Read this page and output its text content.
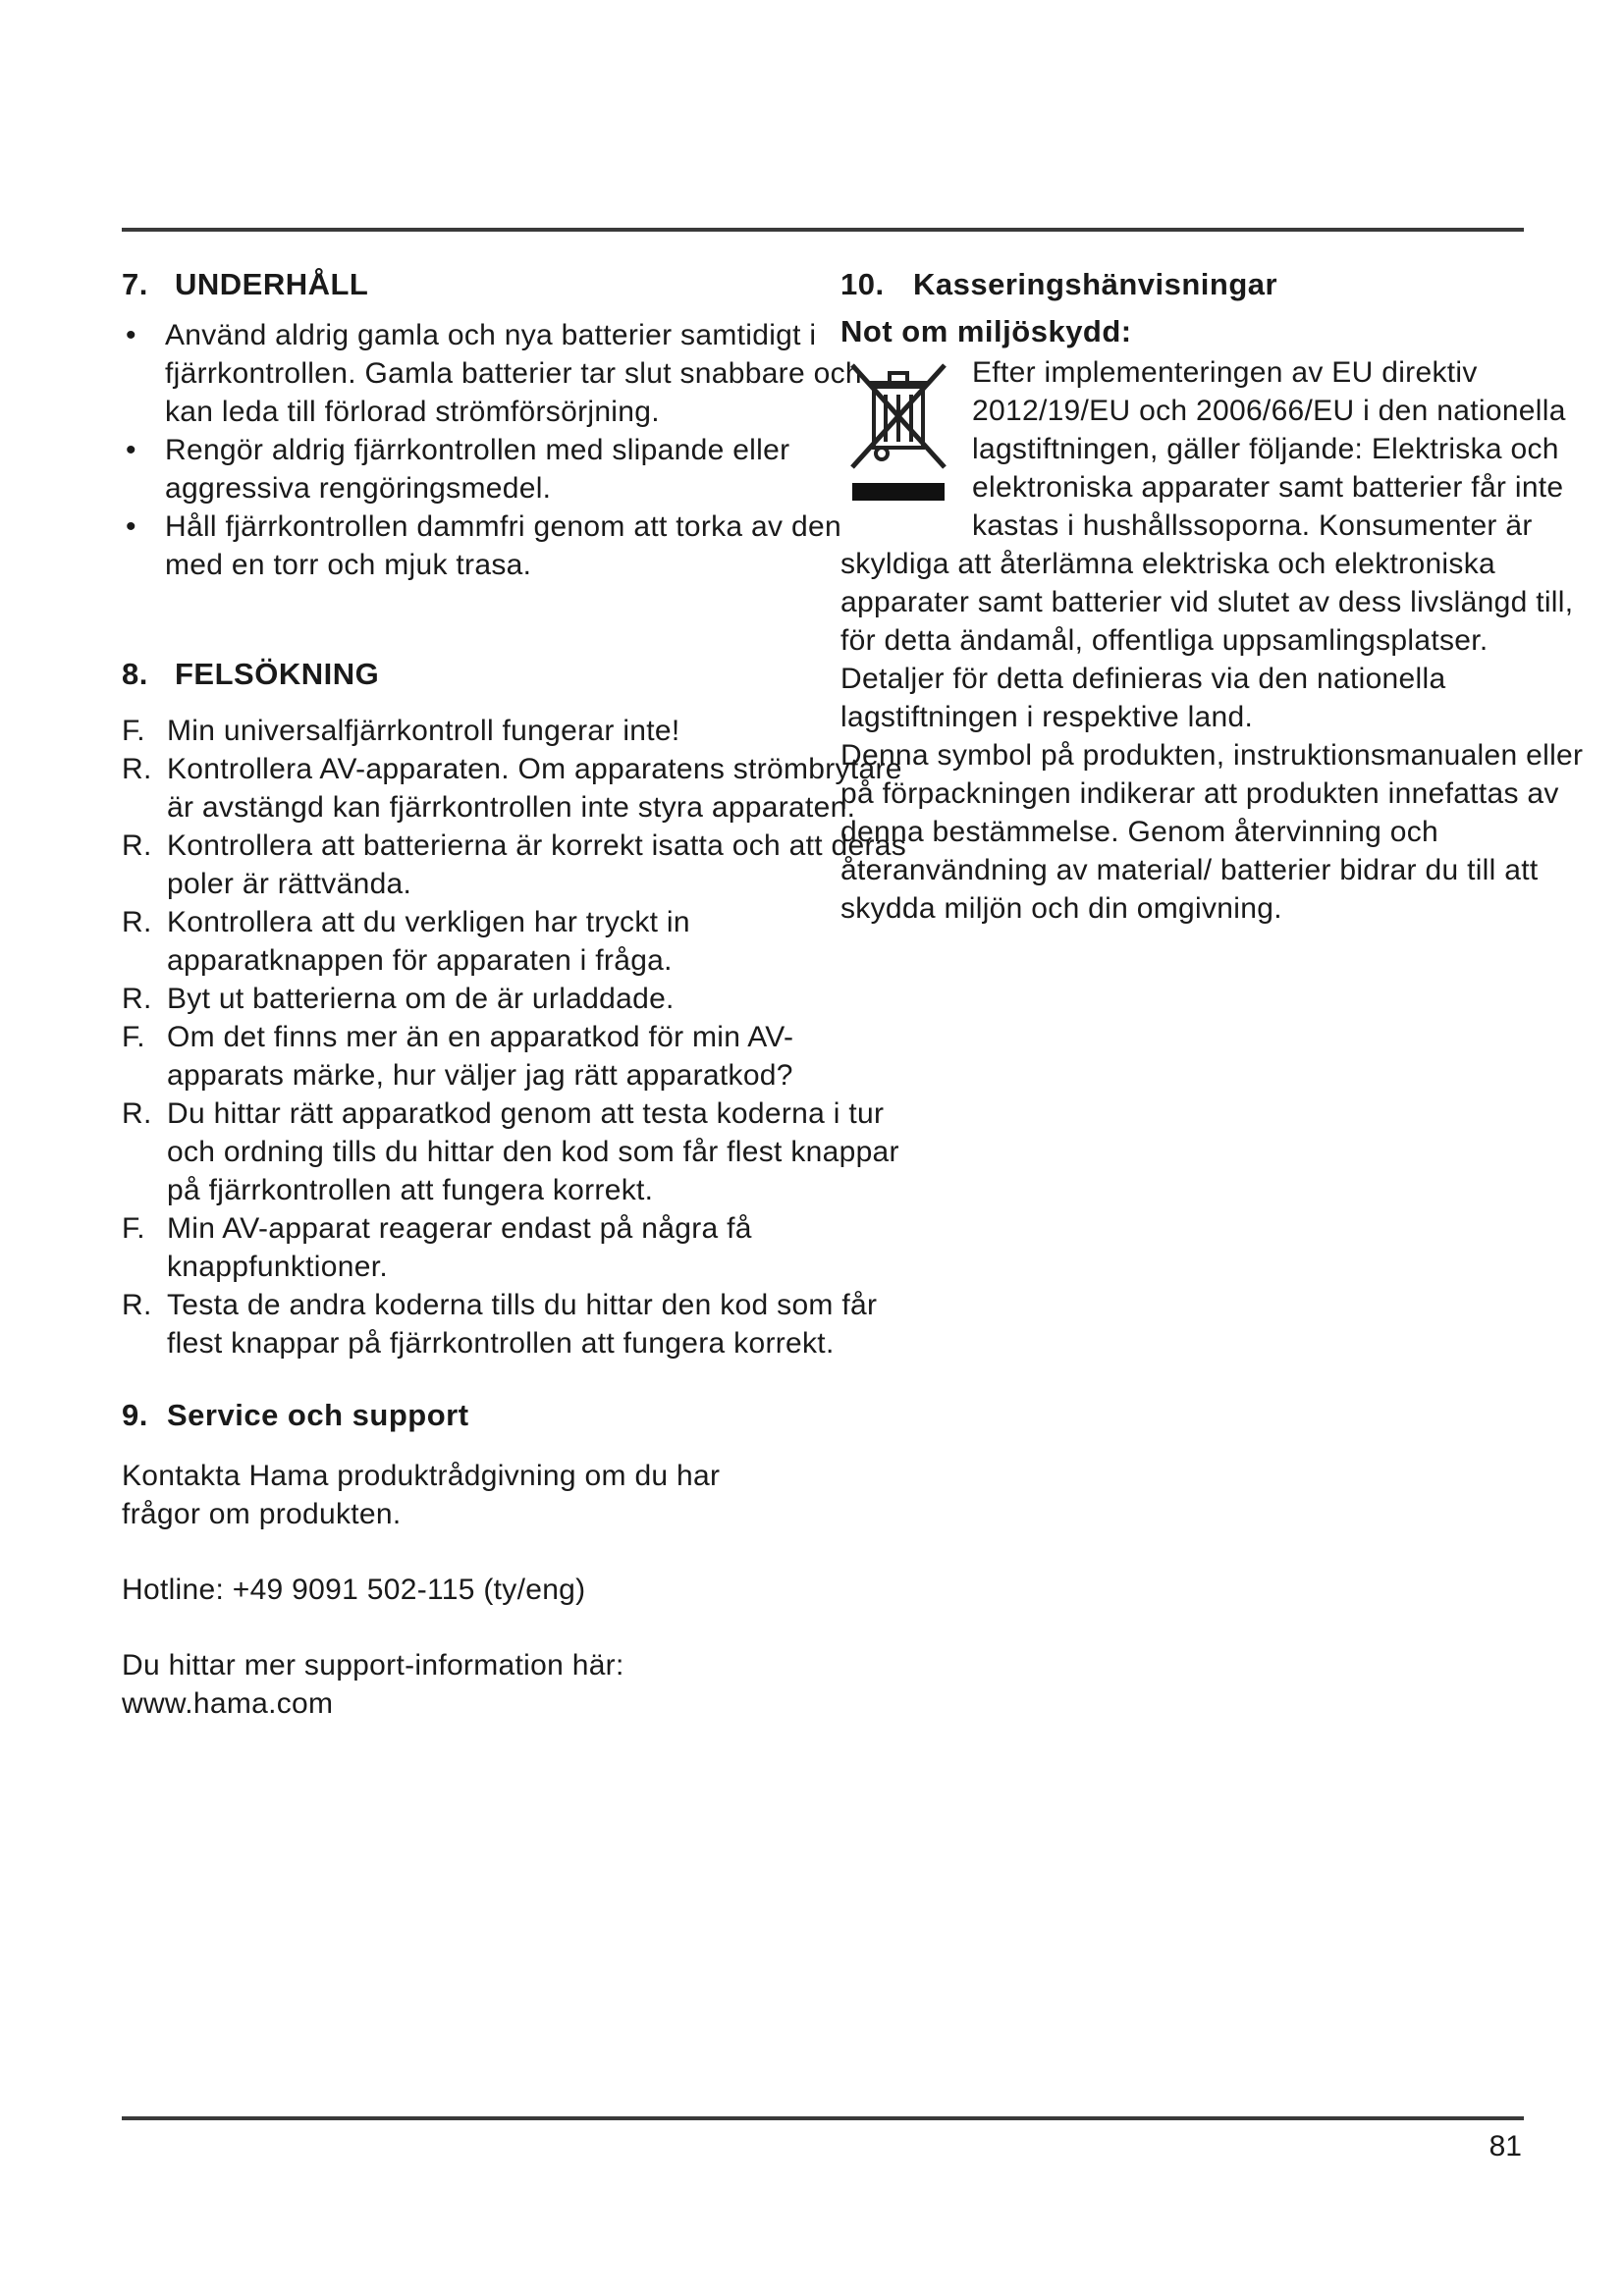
7. UNDERHÅLL
• Använd aldrig gamla och nya batterier samtidigt i fjärrkontrollen. Gamla batterier tar slut snabbare och kan leda till förlorad strömförsörjning.
• Rengör aldrig fjärrkontrollen med slipande eller aggressiva rengöringsmedel.
• Håll fjärrkontrollen dammfri genom att torka av den med en torr och mjuk trasa.
8. FELSÖKNING
F. Min universalfjärrkontroll fungerar inte!
R. Kontrollera AV-apparaten. Om apparatens strömbrytare är avstängd kan fjärrkontrollen inte styra apparaten.
R. Kontrollera att batterierna är korrekt isatta och att deras poler är rättvända.
R. Kontrollera att du verkligen har tryckt in apparatknappen för apparaten i fråga.
R. Byt ut batterierna om de är urladdade.
F. Om det finns mer än en apparatkod för min AV-apparats märke, hur väljer jag rätt apparatkod?
R. Du hittar rätt apparatkod genom att testa koderna i tur och ordning tills du hittar den kod som får flest knappar på fjärrkontrollen att fungera korrekt.
F. Min AV-apparat reagerar endast på några få knappfunktioner.
R. Testa de andra koderna tills du hittar den kod som får flest knappar på fjärrkontrollen att fungera korrekt.
9. Service och support

Kontakta Hama produktrådgivning om du har frågor om produkten.

Hotline: +49 9091 502-115 (ty/eng)

Du hittar mer support-information här:

www.hama.com

10. Kasseringshänvisningar

Not om miljöskydd:

Efter implementeringen av EU direktiv 2012/19/EU och 2006/66/EU i den nationella lagstiftningen, gäller följande: Elektriska och elektroniska apparater samt batterier får inte kastas i hushållssoporna. Konsumenter är skyldiga att återlämna elektriska och elektroniska apparater samt batterier vid slutet av dess livslängd till, för detta ändamål, offentliga uppsamlingsplatser. Detaljer för detta definieras via den nationella lagstiftningen i respektive land.

Denna symbol på produkten, instruktionsmanualen eller på förpackningen indikerar att produkten innefattas av denna bestämmelse. Genom återvinning och återanvändning av material/ batterier bidrar du till att skydda miljön och din omgivning.

81
